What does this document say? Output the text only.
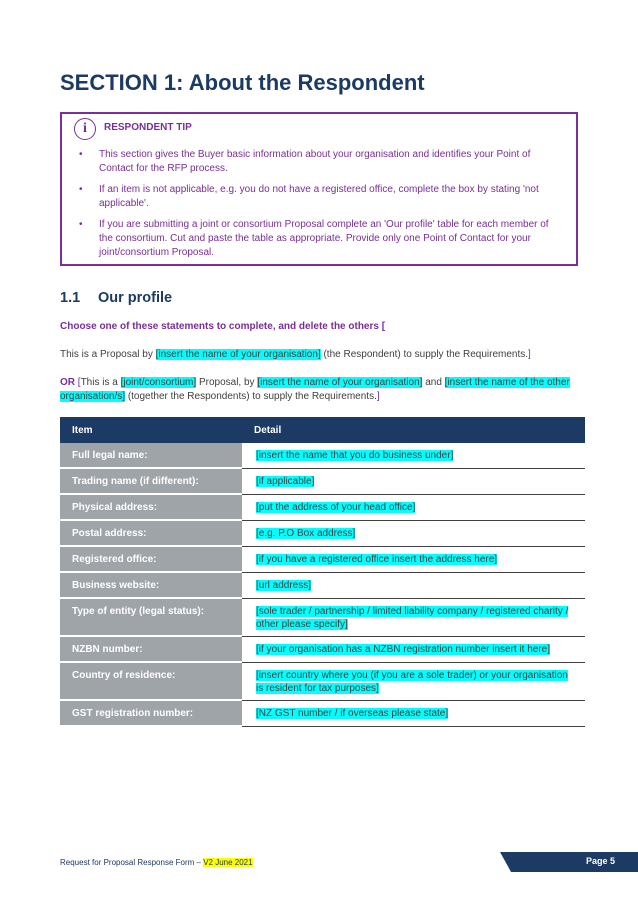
SECTION 1: About the Respondent
i	RESPONDENT TIP
• This section gives the Buyer basic information about your organisation and identifies your Point of Contact for the RFP process.
• If an item is not applicable, e.g. you do not have a registered office, complete the box by stating 'not applicable'.
• If you are submitting a joint or consortium Proposal complete an 'Our profile' table for each member of the consortium. Cut and paste the table as appropriate. Provide only one Point of Contact for your joint/consortium Proposal.
1.1 Our profile
Choose one of these statements to complete, and delete the others [
This is a Proposal by [insert the name of your organisation] (the Respondent) to supply the Requirements.]
OR [This is a [joint/consortium] Proposal, by [insert the name of your organisation] and [insert the name of the other organisation/s] (together the Respondents) to supply the Requirements.]
Item	Detail
Full legal name:	[insert the name that you do business under]
Trading name (if different):	[if applicable]
Physical address:	[put the address of your head office]
Postal address:	[e.g. P.O Box address]
Registered office:	[if you have a registered office insert the address here]
Business website:	[url address]
Type of entity (legal status):	[sole trader / partnership / limited liability company / registered charity / other please specify]
NZBN number:	[if your organisation has a NZBN registration number insert it here]
Country of residence:	[insert country where you (if you are a sole trader) or your organisation is resident for tax purposes]
GST registration number:	[NZ GST number / if overseas please state]
Request for Proposal Response Form – V2 June 2021	Page 5
